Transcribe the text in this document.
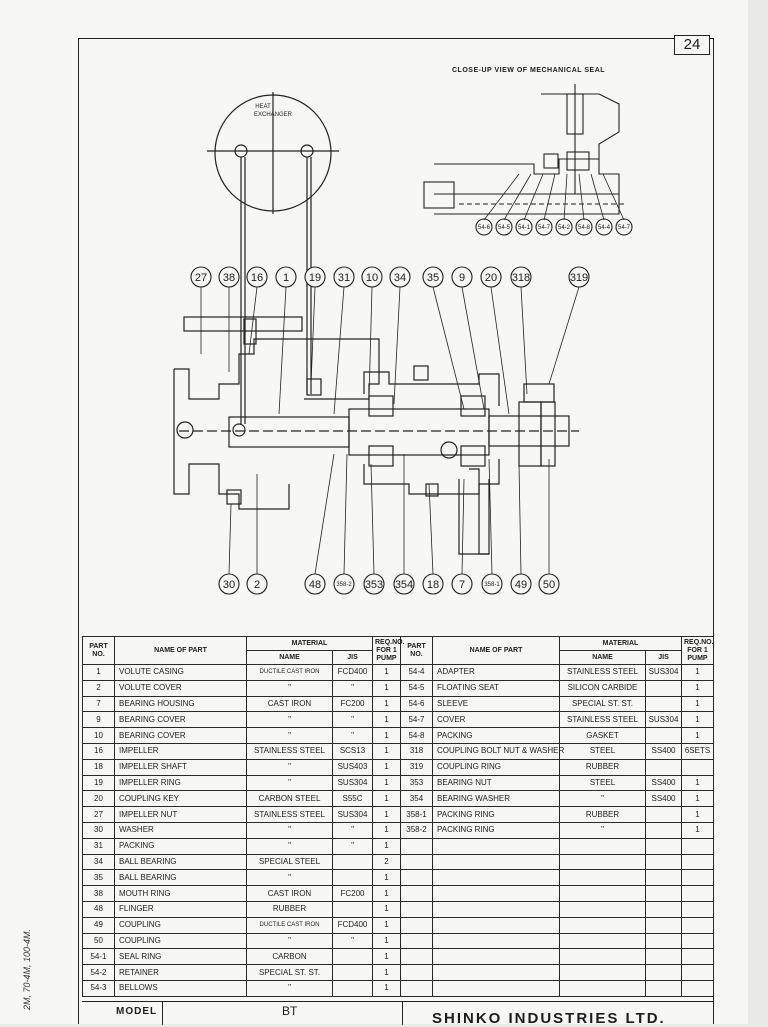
24
HEAT
EXCHANGER
CLOSE-UP VIEW OF MECHANICAL SEAL
54-6 54-5 54-1 54-7 54-2 54-8 54-4 54-7
27 38 16 1 19 31 10 34 35 9 20 318	319
30 2	48	358-2 353 354 18 7	358-1 49 50
PART
NO.	NAME OF PART	MATERIAL		REQ.NO.
FOR 1
PUMP	PART
NO.	NAME OF PART	MATERIAL		REQ.NO.
FOR 1
PUMP
		NAME	JIS				NAME	JIS	
1	VOLUTE CASING	DUCTILE CAST IRON	FCD400	1	54-4	ADAPTER	STAINLESS STEEL	SUS304	1
2	VOLUTE COVER	"	"	1	54-5	FLOATING SEAT	SILICON CARBIDE		1
7	BEARING HOUSING	CAST IRON	FC200	1	54-6	SLEEVE	SPECIAL ST. ST.		1
9	BEARING COVER	"	"	1	54-7	COVER	STAINLESS STEEL	SUS304	1
10	BEARING COVER	"	"	1	54-8	PACKING	GASKET		1
16	IMPELLER	STAINLESS STEEL	SCS13	1	318	COUPLING BOLT NUT & WASHER	STEEL	SS400	6SETS
18	IMPELLER SHAFT	"	SUS403	1	319	COUPLING RING	RUBBER		
19	IMPELLER RING	"	SUS304	1	353	BEARING NUT	STEEL	SS400	1
20	COUPLING KEY	CARBON STEEL	S55C	1	354	BEARING WASHER	"	SS400	1
27	IMPELLER NUT	STAINLESS STEEL	SUS304	1	358-1	PACKING RING	RUBBER		1
30	WASHER	"	"	1	358-2	PACKING RING	"		1
31	PACKING	"	"	1					
34	BALL BEARING	SPECIAL STEEL		2					
35	BALL BEARING	"		1					
38	MOUTH RING	CAST IRON	FC200	1					
48	FLINGER	RUBBER		1					
49	COUPLING	DUCTILE CAST IRON	FCD400	1					
50	COUPLING	"	"	1					
54-1	SEAL RING	CARBON		1					
54-2	RETAINER	SPECIAL ST. ST.		1					
54-3	BELLOWS	"		1					
MODEL	BT	SHINKO INDUSTRIES LTD.
2M, 70-4M, 100-4M.
